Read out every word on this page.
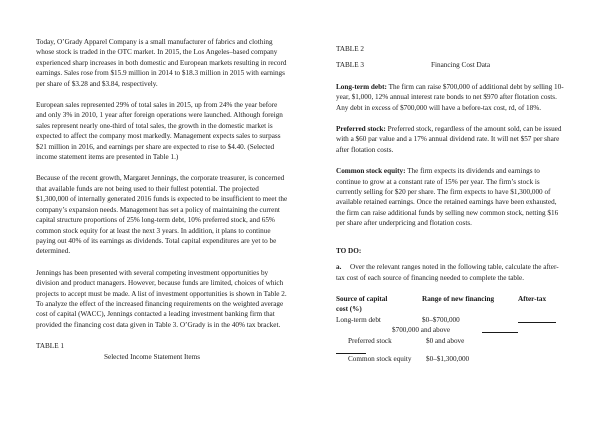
Today, O’Grady Apparel Company is a small manufacturer of fabrics and clothing whose stock is traded in the OTC market. In 2015, the Los Angeles–based company experienced sharp increases in both domestic and European markets resulting in record earnings. Sales rose from $15.9 million in 2014 to $18.3 million in 2015 with earnings per share of $3.28 and $3.84, respectively.

European sales represented 29% of total sales in 2015, up from 24% the year before and only 3% in 2010, 1 year after foreign operations were launched. Although foreign sales represent nearly one-third of total sales, the growth in the domestic market is expected to affect the company most markedly. Management expects sales to surpass $21 million in 2016, and earnings per share are expected to rise to $4.40. (Selected income statement items are presented in Table 1.)

Because of the recent growth, Margaret Jennings, the corporate treasurer, is concerned that available funds are not being used to their fullest potential. The projected $1,300,000 of internally generated 2016 funds is expected to be insufficient to meet the company’s expansion needs. Management has set a policy of maintaining the current capital structure proportions of 25% long-term debt, 10% preferred stock, and 65% common stock equity for at least the next 3 years. In addition, it plans to continue paying out 40% of its earnings as dividends. Total capital expenditures are yet to be determined.

Jennings has been presented with several competing investment opportunities by division and product managers. However, because funds are limited, choices of which projects to accept must be made. A list of investment opportunities is shown in Table 2. To analyze the effect of the increased financing requirements on the weighted average cost of capital (WACC), Jennings contacted a leading investment banking firm that provided the financing cost data given in Table 3. O’Grady is in the 40% tax bracket.

TABLE 1

Selected Income Statement Items

TABLE 2

TABLE 3	Financing Cost Data

Long-term debt: The firm can raise $700,000 of additional debt by selling 10-year, $1,000, 12% annual interest rate bonds to net $970 after flotation costs. Any debt in excess of $700,000 will have a before-tax cost, rd, of 18%.

Preferred stock: Preferred stock, regardless of the amount sold, can be issued with a $60 par value and a 17% annual dividend rate. It will net $57 per share after flotation costs.

Common stock equity: The firm expects its dividends and earnings to continue to grow at a constant rate of 15% per year. The firm’s stock is currently selling for $20 per share. The firm expects to have $1,300,000 of available retained earnings. Once the retained earnings have been exhausted, the firm can raise additional funds by selling new common stock, netting $16 per share after underpricing and flotation costs.

TO DO:

a. Over the relevant ranges noted in the following table, calculate the after-tax cost of each source of financing needed to complete the table.

Source of capital	Range of new financing	After-tax
cost (%)
Long-term debt	$0–$700,000
$700,000 and above
Preferred stock	$0 and above
Common stock equity	$0–$1,300,000
